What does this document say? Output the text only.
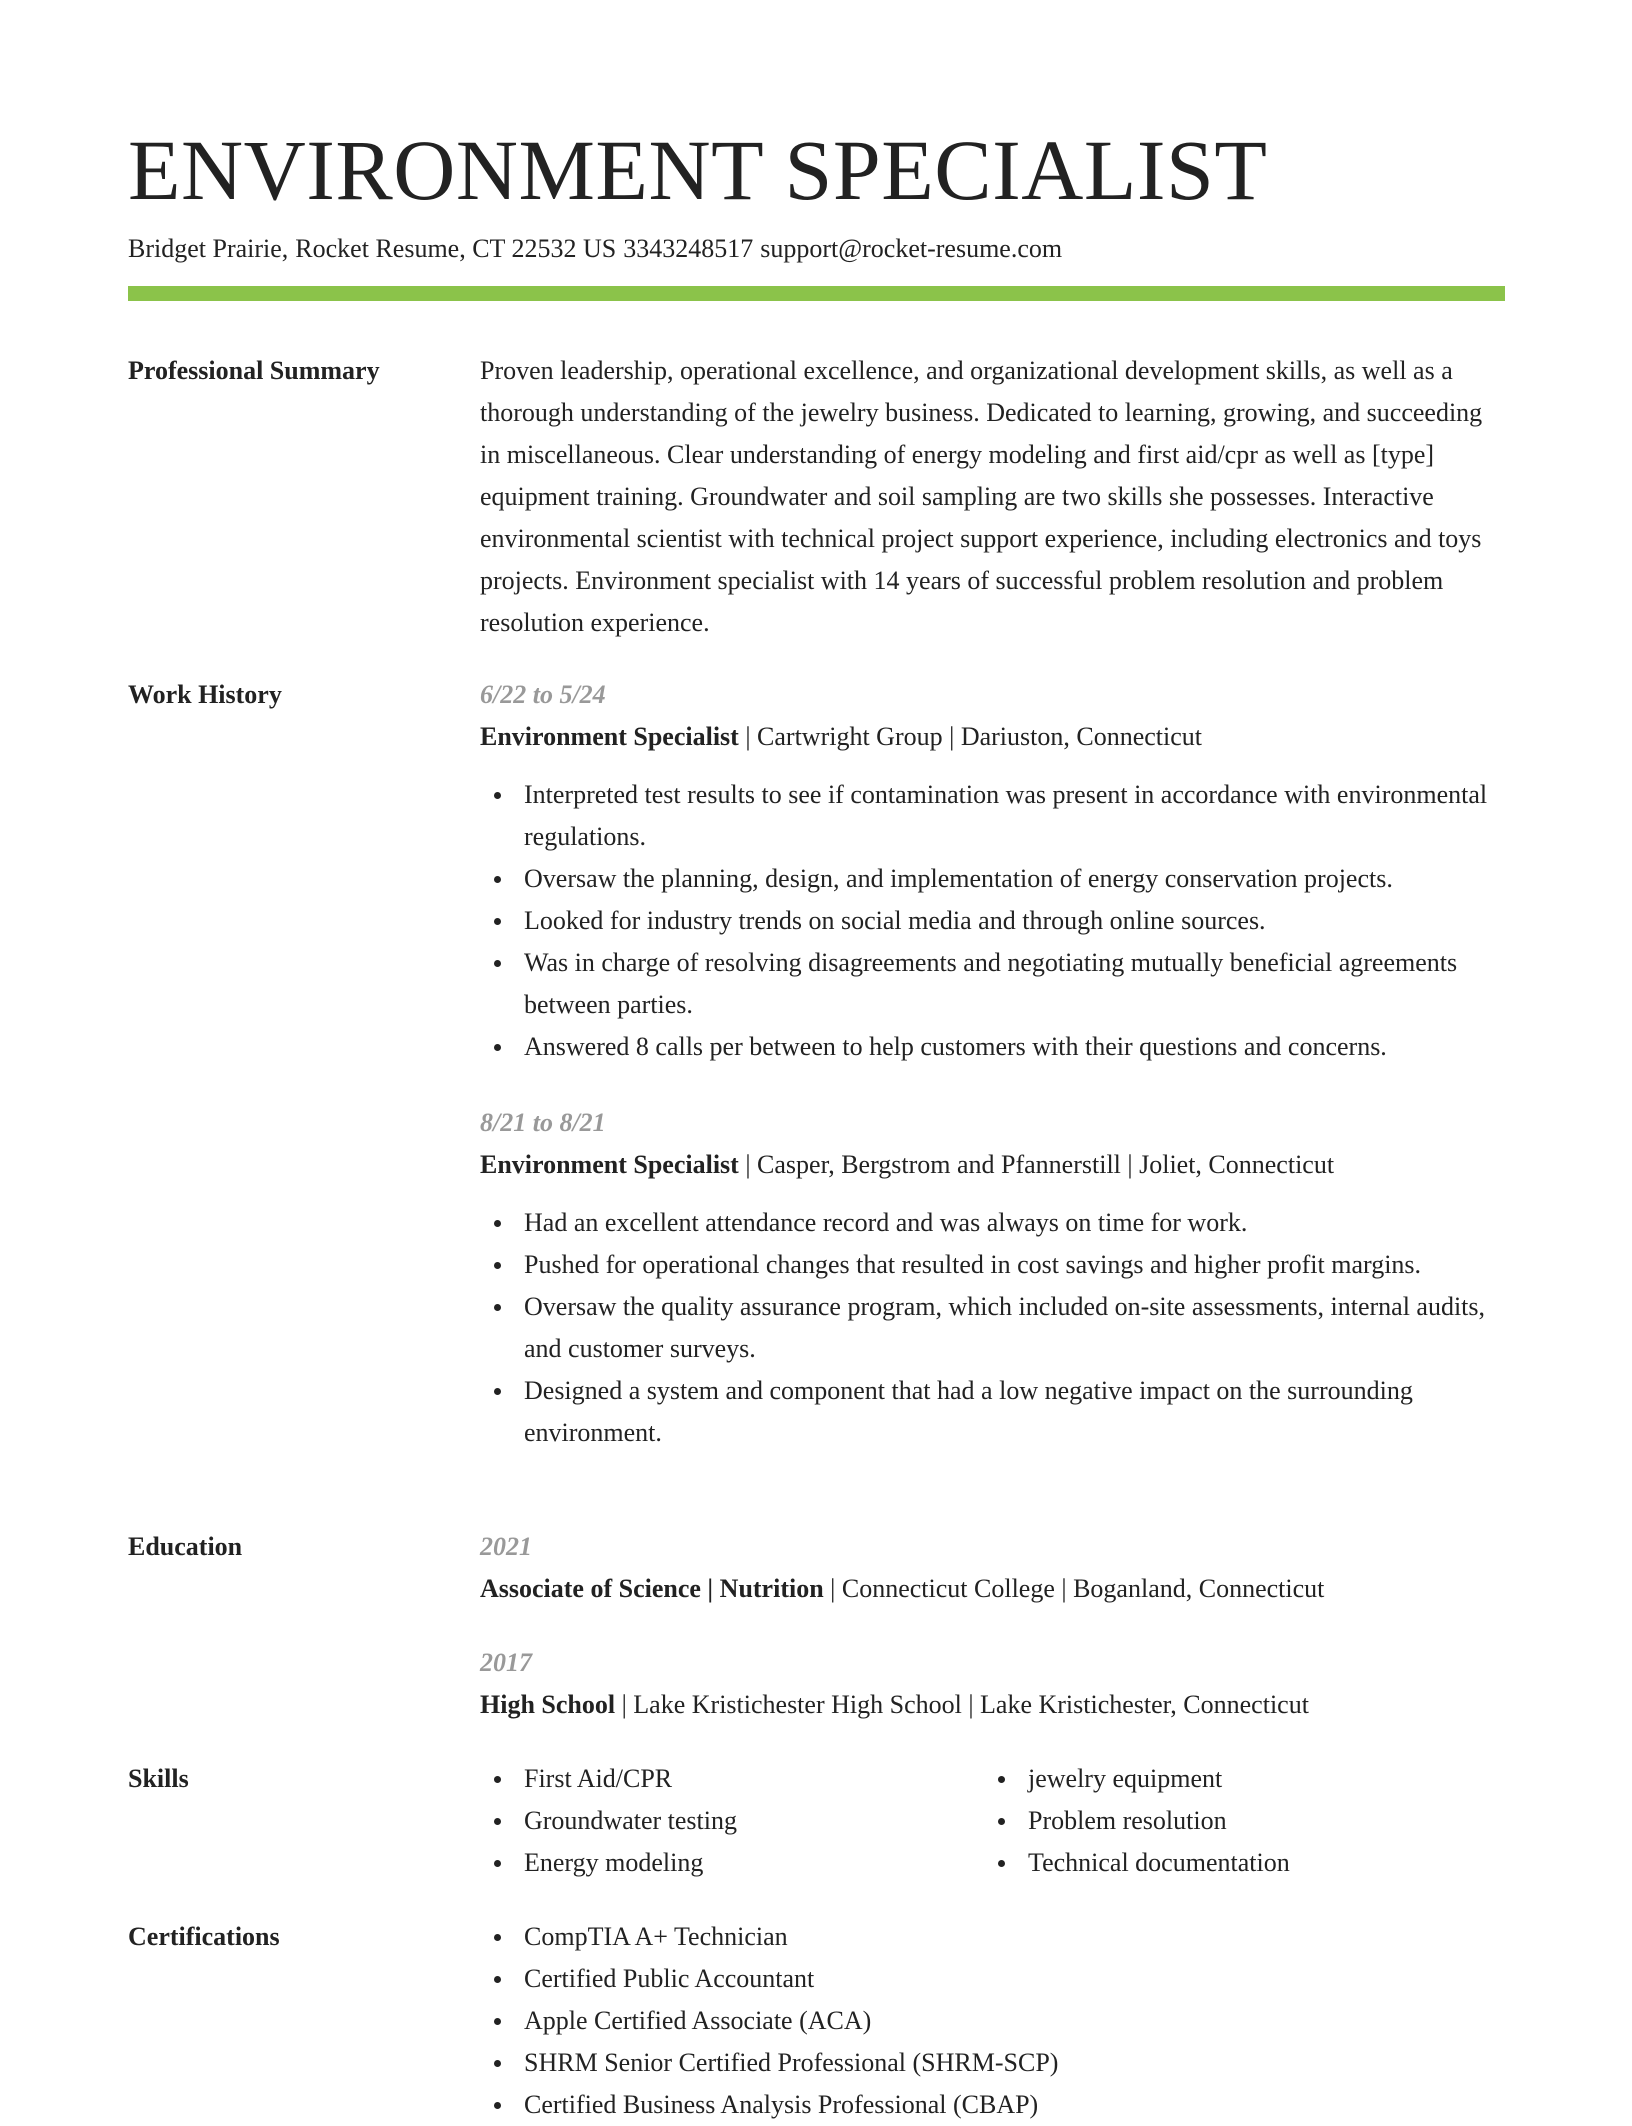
ENVIRONMENT SPECIALIST
Bridget Prairie, Rocket Resume, CT 22532 US 3343248517 support@rocket-resume.com
Professional Summary	Proven leadership, operational excellence, and organizational development skills, as well as a thorough understanding of the jewelry business. Dedicated to learning, growing, and succeeding in miscellaneous. Clear understanding of energy modeling and first aid/cpr as well as [type] equipment training. Groundwater and soil sampling are two skills she possesses. Interactive environmental scientist with technical project support experience, including electronics and toys projects. Environment specialist with 14 years of successful problem resolution and problem resolution experience.

Work History	6/22 to 5/24
Environment Specialist | Cartwright Group | Dariuston, Connecticut
Interpreted test results to see if contamination was present in accordance with environmental regulations.
Oversaw the planning, design, and implementation of energy conservation projects.
Looked for industry trends on social media and through online sources.
Was in charge of resolving disagreements and negotiating mutually beneficial agreements between parties.
Answered 8 calls per between to help customers with their questions and concerns.
8/21 to 8/21
Environment Specialist | Casper, Bergstrom and Pfannerstill | Joliet, Connecticut
Had an excellent attendance record and was always on time for work.
Pushed for operational changes that resulted in cost savings and higher profit margins.
Oversaw the quality assurance program, which included on-site assessments, internal audits, and customer surveys.
Designed a system and component that had a low negative impact on the surrounding environment.
Education	2021
Associate of Science | Nutrition | Connecticut College | Boganland, Connecticut
2017
High School | Lake Kristichester High School | Lake Kristichester, Connecticut
Skills	First Aid/CPR
Groundwater testing
Energy modeling
jewelry equipment
Problem resolution
Technical documentation
Certifications	CompTIA A+ Technician
Certified Public Accountant
Apple Certified Associate (ACA)
SHRM Senior Certified Professional (SHRM-SCP)
Certified Business Analysis Professional (CBAP)
